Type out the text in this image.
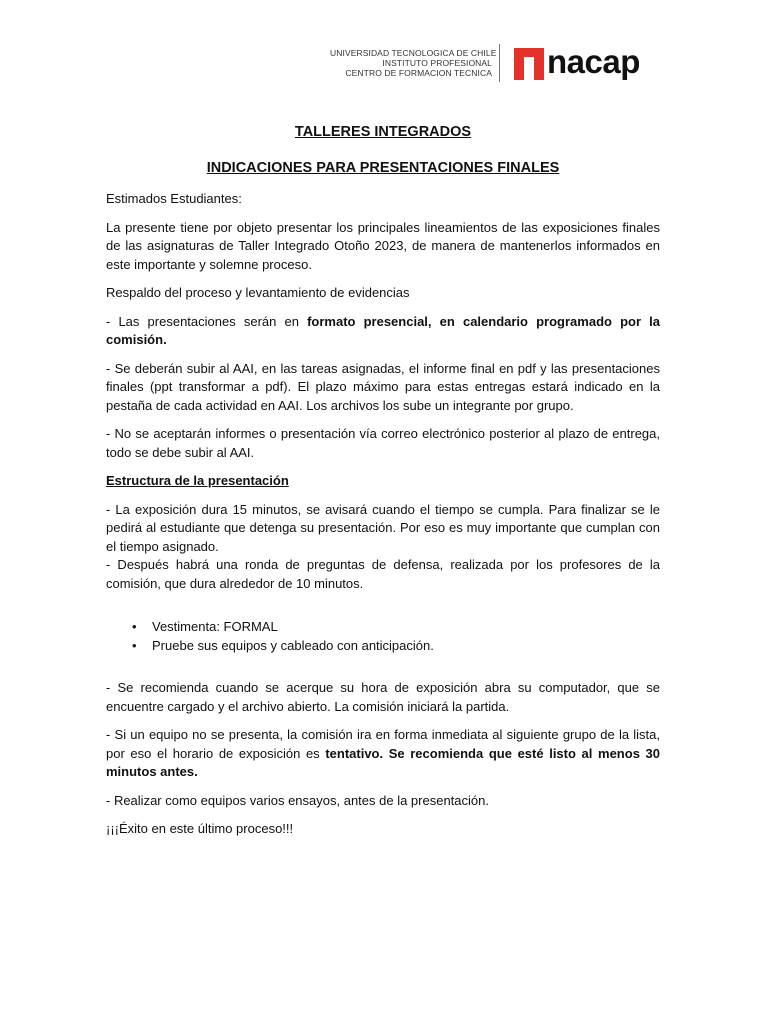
UNIVERSIDAD TECNOLOGICA DE CHILE
INSTITUTO PROFESIONAL
CENTRO DE FORMACION TECNICA nacap

TALLERES INTEGRADOS

INDICACIONES PARA PRESENTACIONES FINALES

Estimados Estudiantes:

La presente tiene por objeto presentar los principales lineamientos de las exposiciones finales de las asignaturas de Taller Integrado Otoño 2023, de manera de mantenerlos informados en este importante y solemne proceso.

Respaldo del proceso y levantamiento de evidencias

- Las presentaciones serán en formato presencial, en calendario programado por la comisión.

- Se deberán subir al AAI, en las tareas asignadas, el informe final en pdf y las presentaciones finales (ppt transformar a pdf). El plazo máximo para estas entregas estará indicado en la pestaña de cada actividad en AAI. Los archivos los sube un integrante por grupo.

- No se aceptarán informes o presentación vía correo electrónico posterior al plazo de entrega, todo se debe subir al AAI.

Estructura de la presentación

- La exposición dura 15 minutos, se avisará cuando el tiempo se cumpla. Para finalizar se le pedirá al estudiante que detenga su presentación. Por eso es muy importante que cumplan con el tiempo asignado.

- Después habrá una ronda de preguntas de defensa, realizada por los profesores de la comisión, que dura alrededor de 10 minutos.

• Vestimenta: FORMAL
• Pruebe sus equipos y cableado con anticipación.

- Se recomienda cuando se acerque su hora de exposición abra su computador, que se encuentre cargado y el archivo abierto. La comisión iniciará la partida.

- Si un equipo no se presenta, la comisión ira en forma inmediata al siguiente grupo de la lista, por eso el horario de exposición es tentativo. Se recomienda que esté listo al menos 30 minutos antes.

- Realizar como equipos varios ensayos, antes de la presentación.

¡¡¡Éxito en este último proceso!!!
